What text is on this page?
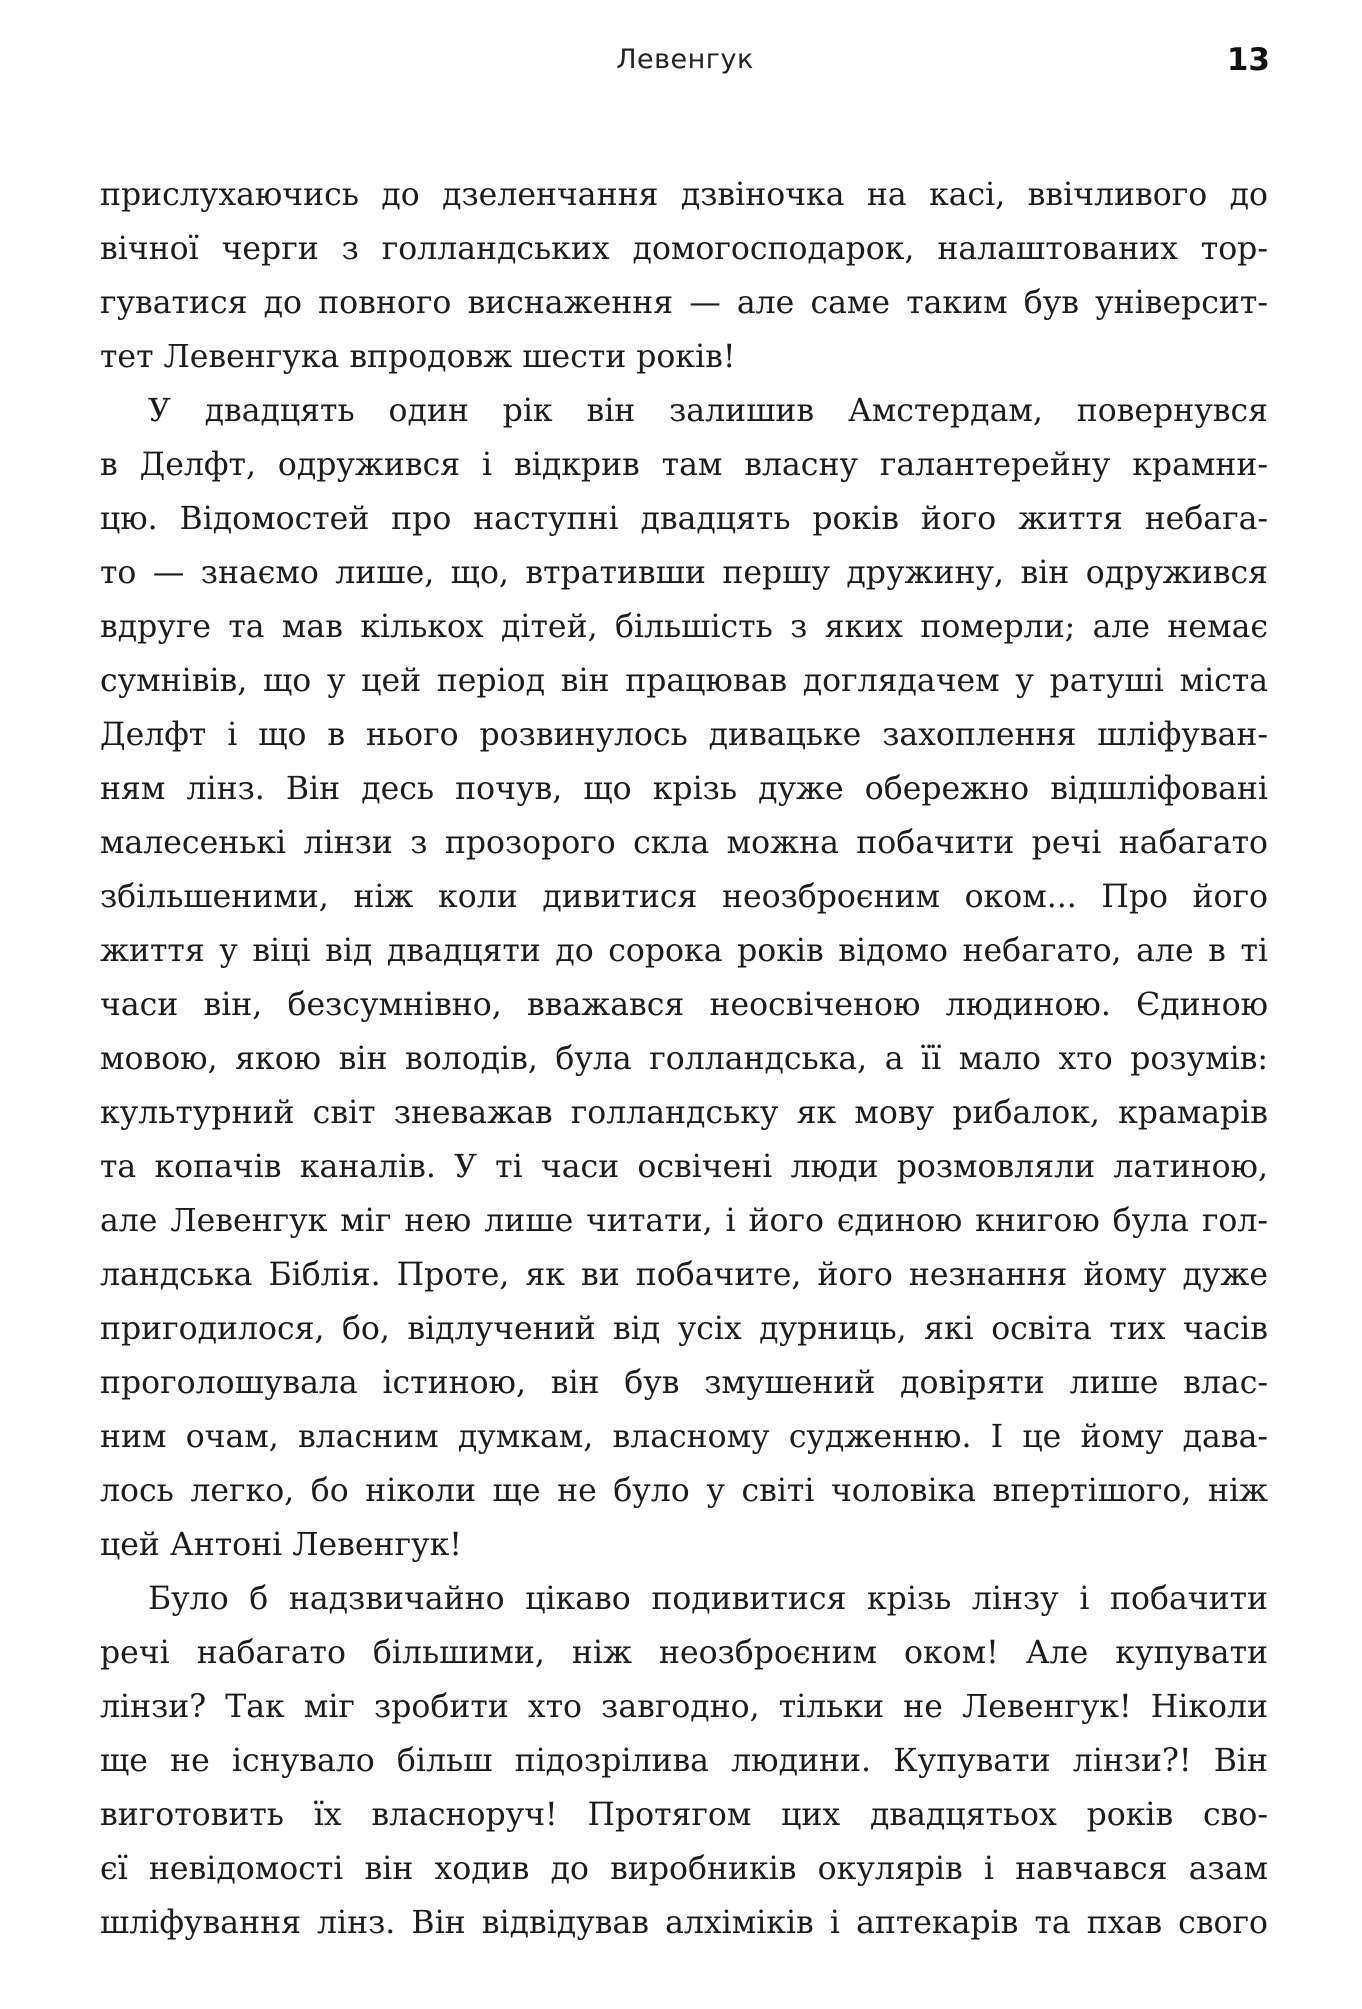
Левенгук	13
прислухаючись до дзеленчання дзвіночка на касі, ввічливого до
вічної черги з голландських домогосподарок, налаштованих тор-
гуватися до повного виснаження — але саме таким був університ-
тет Левенгука впродовж шести років!
У двадцять один рік він залишив Амстердам, повернувся
в Делфт, одружився і відкрив там власну галантерейну крамни-
цю. Відомостей про наступні двадцять років його життя небага-
то — знаємо лише, що, втративши першу дружину, він одружився
вдруге та мав кількох дітей, більшість з яких померли; але немає
сумнівів, що у цей період він працював доглядачем у ратуші міста
Делфт і що в нього розвинулось дивацьке захоплення шліфуван-
ням лінз. Він десь почув, що крізь дуже обережно відшліфовані
малесенькі лінзи з прозорого скла можна побачити речі набагато
збільшеними, ніж коли дивитися неозброєним оком... Про його
життя у віці від двадцяти до сорока років відомо небагато, але в ті
часи він, безсумнівно, вважався неосвіченою людиною. Єдиною
мовою, якою він володів, була голландська, а її мало хто розумів:
культурний світ зневажав голландську як мову рибалок, крамарів
та копачів каналів. У ті часи освічені люди розмовляли латиною,
але Левенгук міг нею лише читати, і його єдиною книгою була гол-
ландська Біблія. Проте, як ви побачите, його незнання йому дуже
пригодилося, бо, відлучений від усіх дурниць, які освіта тих часів
проголошувала істиною, він був змушений довіряти лише влас-
ним очам, власним думкам, власному судженню. І це йому дава-
лось легко, бо ніколи ще не було у світі чоловіка впертішого, ніж
цей Антоні Левенгук!
Було б надзвичайно цікаво подивитися крізь лінзу і побачити
речі набагато більшими, ніж неозброєним оком! Але купувати
лінзи? Так міг зробити хто завгодно, тільки не Левенгук! Ніколи
ще не існувало більш підозрілива людини. Купувати лінзи?! Він
виготовить їх власноруч! Протягом цих двадцятьох років сво-
єї невідомості він ходив до виробників окулярів і навчався азам
шліфування лінз. Він відвідував алхіміків і аптекарів та пхав свого
